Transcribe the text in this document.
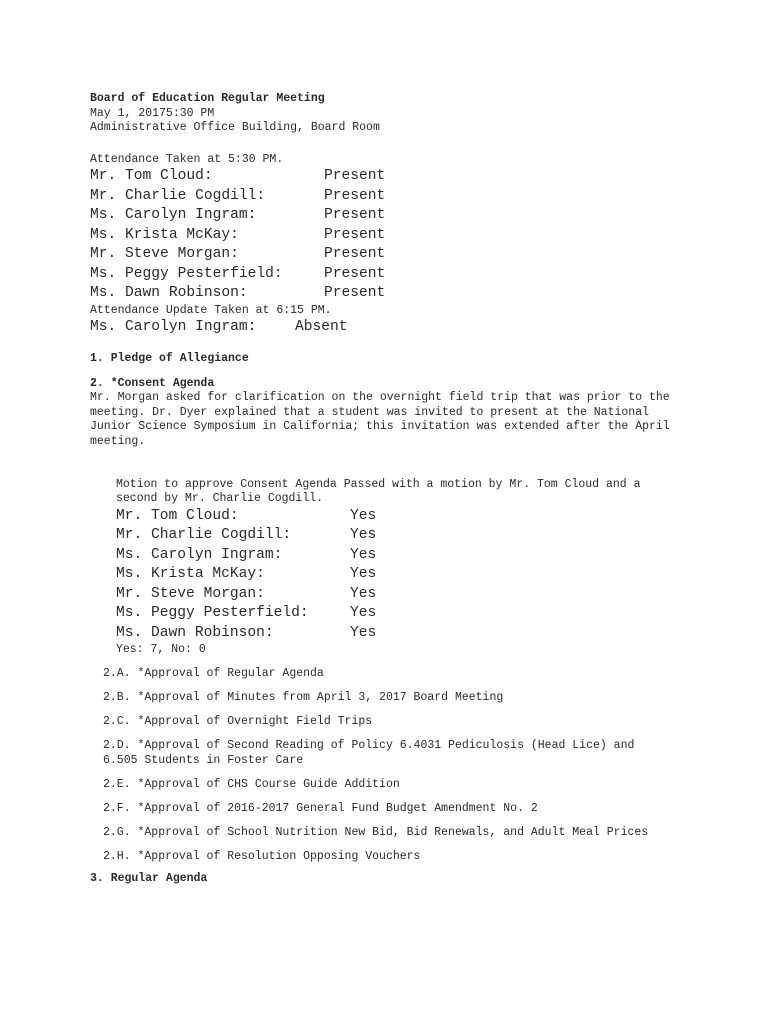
Board of Education Regular Meeting

May 1, 20175:30 PM

Administrative Office Building, Board Room

Attendance Taken at 5:30 PM.

Mr. Tom Cloud:	Present
Mr. Charlie Cogdill:	Present
Ms. Carolyn Ingram:	Present
Ms. Krista McKay:	Present
Mr. Steve Morgan:	Present
Ms. Peggy Pesterfield:	Present
Ms. Dawn Robinson:	Present

Attendance Update Taken at 6:15 PM.

Ms. Carolyn Ingram:	Absent

1. Pledge of Allegiance

2. *Consent Agenda

Mr. Morgan asked for clarification on the overnight field trip that was prior to the meeting. Dr. Dyer explained that a student was invited to present at the National Junior Science Symposium in California; this invitation was extended after the April meeting.

Motion to approve Consent Agenda Passed with a motion by Mr. Tom Cloud and a second by Mr. Charlie Cogdill.

Mr. Tom Cloud:	Yes
Mr. Charlie Cogdill:	Yes
Ms. Carolyn Ingram:	Yes
Ms. Krista McKay:	Yes
Mr. Steve Morgan:	Yes
Ms. Peggy Pesterfield:	Yes
Ms. Dawn Robinson:	Yes

Yes: 7, No: 0

2.A. *Approval of Regular Agenda

2.B. *Approval of Minutes from April 3, 2017 Board Meeting

2.C. *Approval of Overnight Field Trips

2.D. *Approval of Second Reading of Policy 6.4031 Pediculosis (Head Lice) and 6.505 Students in Foster Care

2.E. *Approval of CHS Course Guide Addition

2.F. *Approval of 2016-2017 General Fund Budget Amendment No. 2

2.G. *Approval of School Nutrition New Bid, Bid Renewals, and Adult Meal Prices

2.H. *Approval of Resolution Opposing Vouchers

3. Regular Agenda
